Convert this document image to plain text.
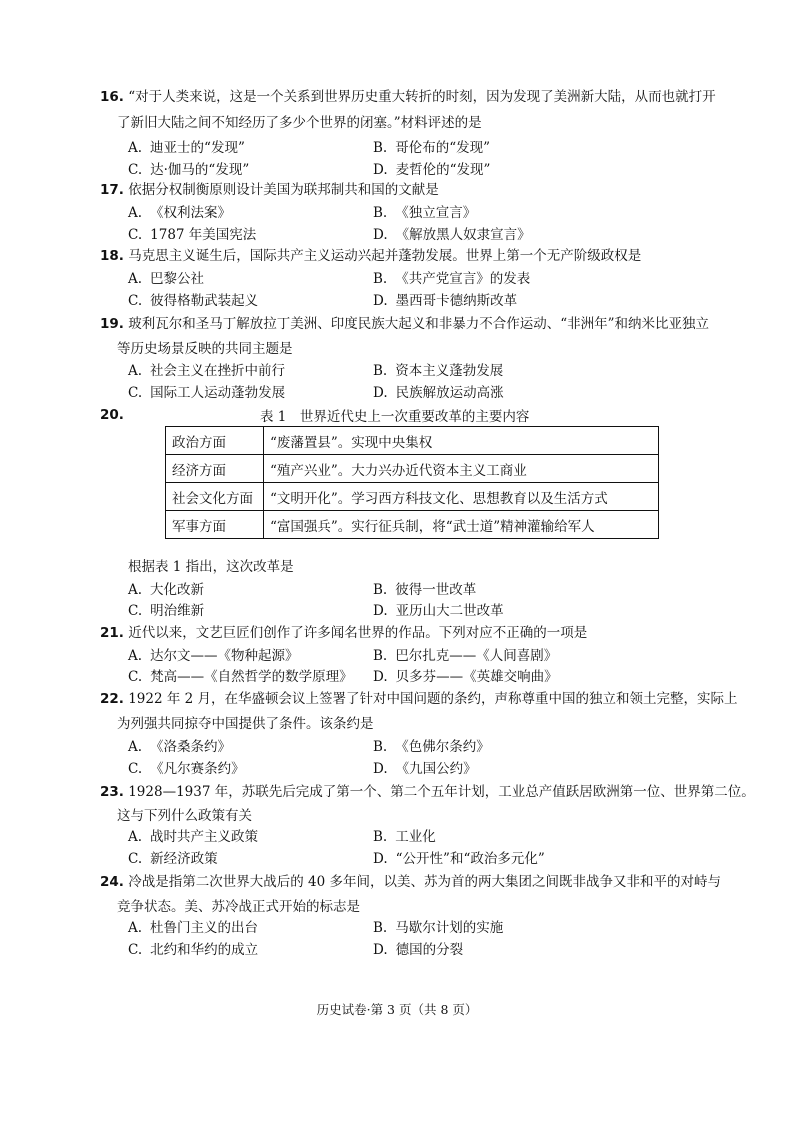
16. “对于人类来说，这是一个关系到世界历史重大转折的时刻，因为发现了美洲新大陆，从而也就打开
了新旧大陆之间不知经历了多少个世界的闭塞。”材料评述的是
A. 迪亚士的“发现”	B. 哥伦布的“发现”
C. 达·伽马的“发现”	D. 麦哲伦的“发现”
17. 依据分权制衡原则设计美国为联邦制共和国的文献是
A. 《权利法案》	B. 《独立宣言》
C. 1787 年美国宪法	D. 《解放黑人奴隶宣言》
18. 马克思主义诞生后，国际共产主义运动兴起并蓬勃发展。世界上第一个无产阶级政权是
A. 巴黎公社	B. 《共产党宣言》的发表
C. 彼得格勒武装起义	D. 墨西哥卡德纳斯改革
19. 玻利瓦尔和圣马丁解放拉丁美洲、印度民族大起义和非暴力不合作运动、“非洲年”和纳米比亚独立
等历史场景反映的共同主题是
A. 社会主义在挫折中前行	B. 资本主义蓬勃发展
C. 国际工人运动蓬勃发展	D. 民族解放运动高涨
20.	表 1　世界近代史上一次重要改革的主要内容
政治方面	“废藩置县”。实现中央集权
经济方面	“殖产兴业”。大力兴办近代资本主义工商业
社会文化方面	“文明开化”。学习西方科技文化、思想教育以及生活方式
军事方面	“富国强兵”。实行征兵制，将“武士道”精神灌输给军人
根据表 1 指出，这次改革是
A. 大化改新	B. 彼得一世改革
C. 明治维新	D. 亚历山大二世改革
21. 近代以来，文艺巨匠们创作了许多闻名世界的作品。下列对应不正确的一项是
A. 达尔文——《物种起源》	B. 巴尔扎克——《人间喜剧》
C. 梵高——《自然哲学的数学原理》 D. 贝多芬——《英雄交响曲》
22. 1922 年 2 月，在华盛顿会议上签署了针对中国问题的条约，声称尊重中国的独立和领土完整，实际上
为列强共同掠夺中国提供了条件。该条约是
A. 《洛桑条约》	B. 《色佛尔条约》
C. 《凡尔赛条约》	D. 《九国公约》
23. 1928—1937 年，苏联先后完成了第一个、第二个五年计划，工业总产值跃居欧洲第一位、世界第二位。
这与下列什么政策有关
A. 战时共产主义政策	B. 工业化
C. 新经济政策	D. “公开性”和“政治多元化”
24. 冷战是指第二次世界大战后的 40 多年间，以美、苏为首的两大集团之间既非战争又非和平的对峙与
竞争状态。美、苏冷战正式开始的标志是
A. 杜鲁门主义的出台	B. 马歇尔计划的实施
C. 北约和华约的成立	D. 德国的分裂
历史试卷·第 3 页（共 8 页）
